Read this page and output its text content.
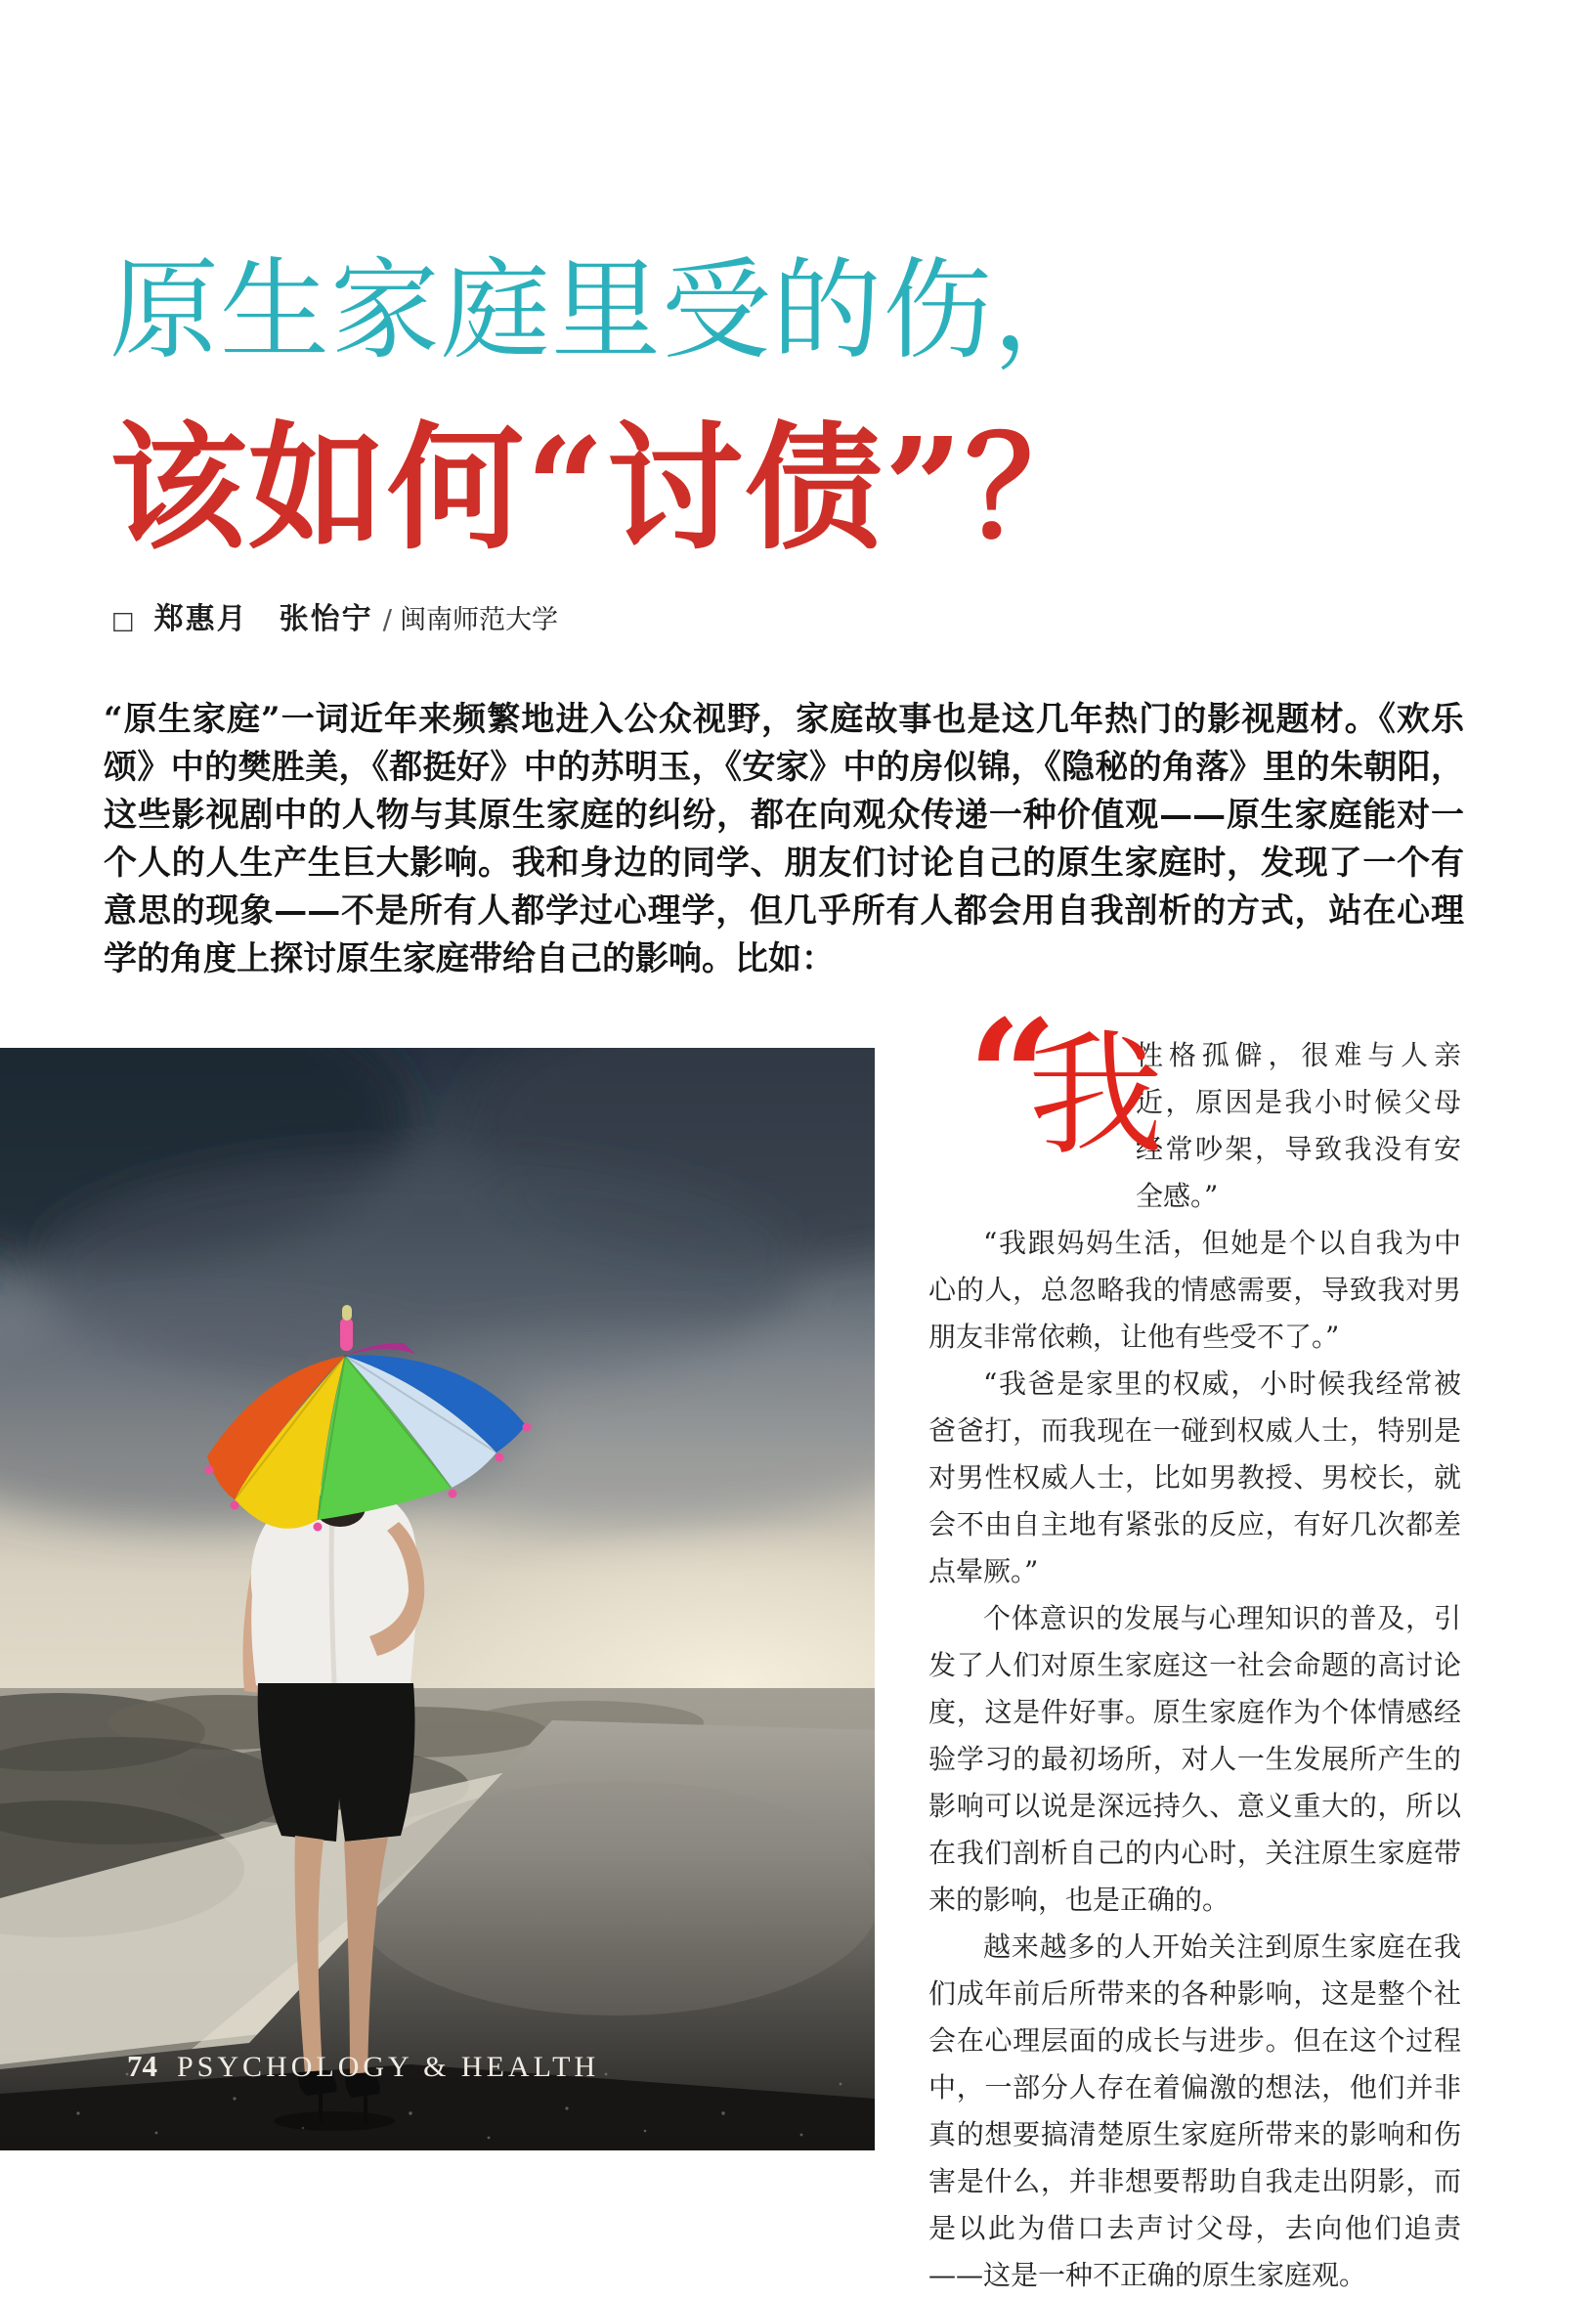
原生家庭里受的伤，
该如何“讨债”？
□ 郑惠月　张怡宁 / 闽南师范大学

“原生家庭”一词近年来频繁地进入公众视野，家庭故事也是这几年热门的影视题材。《欢乐颂》中的樊胜美，《都挺好》中的苏明玉，《安家》中的房似锦，《隐秘的角落》里的朱朝阳，这些影视剧中的人物与其原生家庭的纠纷，都在向观众传递一种价值观——原生家庭能对一个人的人生产生巨大影响。我和身边的同学、朋友们讨论自己的原生家庭时，发现了一个有意思的现象——不是所有人都学过心理学，但几乎所有人都会用自我剖析的方式，站在心理学的角度上探讨原生家庭带给自己的影响。比如：

74 PSYCHOLOGY & HEALTH

“
我
性格孤僻，很难与人亲近，原因是我小时候父母经常吵架，导致我没有安全感。”

“我跟妈妈生活，但她是个以自我为中心的人，总忽略我的情感需要，导致我对男朋友非常依赖，让他有些受不了。”

“我爸是家里的权威，小时候我经常被爸爸打，而我现在一碰到权威人士，特别是对男性权威人士，比如男教授、男校长，就会不由自主地有紧张的反应，有好几次都差点晕厥。”

个体意识的发展与心理知识的普及，引发了人们对原生家庭这一社会命题的高讨论度，这是件好事。原生家庭作为个体情感经验学习的最初场所，对人一生发展所产生的影响可以说是深远持久、意义重大的，所以在我们剖析自己的内心时，关注原生家庭带来的影响，也是正确的。

越来越多的人开始关注到原生家庭在我们成年前后所带来的各种影响，这是整个社会在心理层面的成长与进步。但在这个过程中，一部分人存在着偏激的想法，他们并非真的想要搞清楚原生家庭所带来的影响和伤害是什么，并非想要帮助自我走出阴影，而是以此为借口去声讨父母，去向他们追责——这是一种不正确的原生家庭观。
